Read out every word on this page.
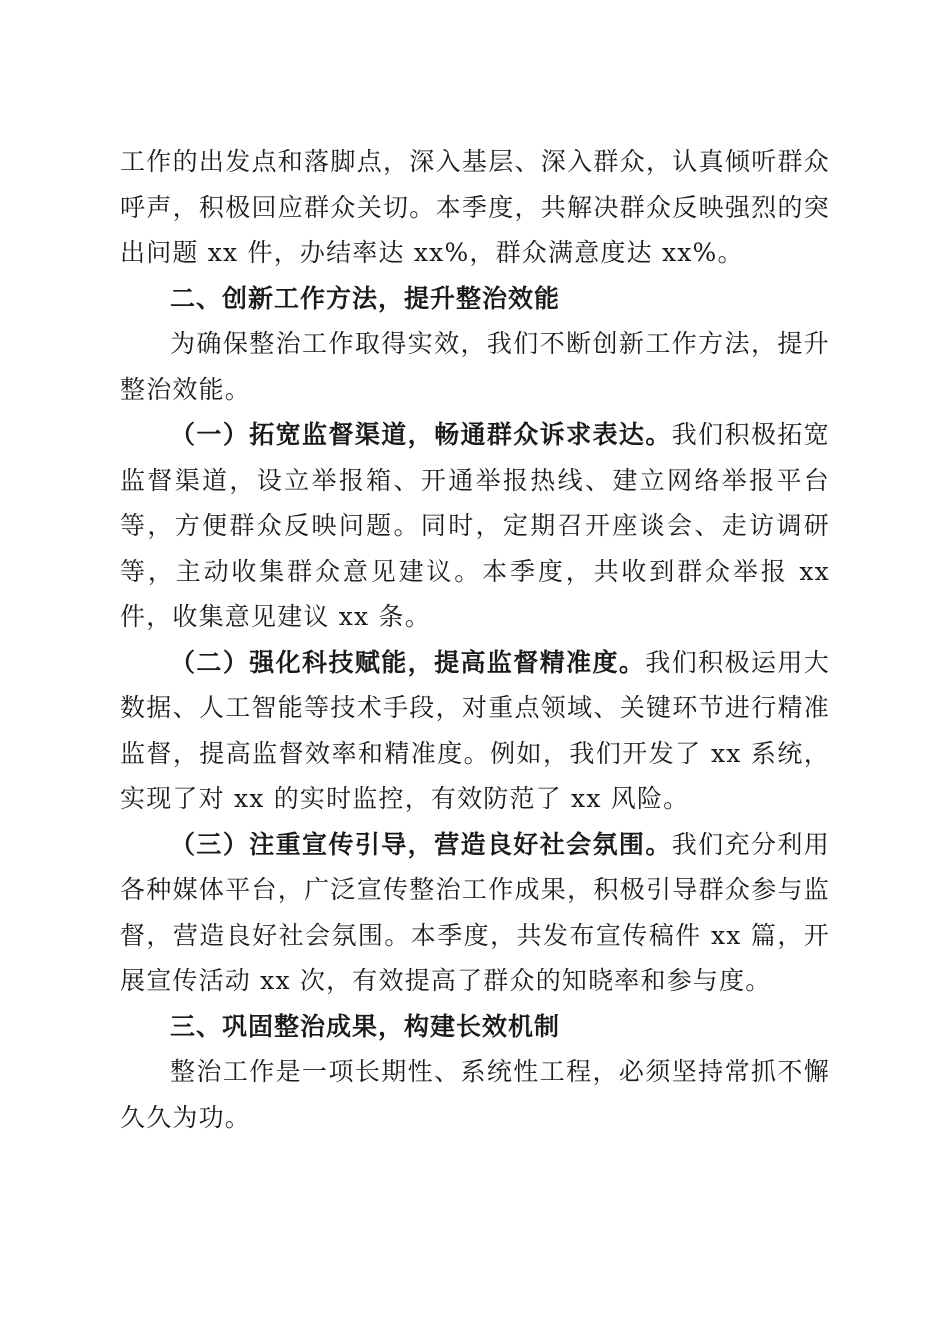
工作的出发点和落脚点，深入基层、深入群众，认真倾听群众呼声，积极回应群众关切。本季度，共解决群众反映强烈的突出问题 xx 件，办结率达 xx%，群众满意度达 xx%。

二、创新工作方法，提升整治效能

为确保整治工作取得实效，我们不断创新工作方法，提升整治效能。

（一）拓宽监督渠道，畅通群众诉求表达。我们积极拓宽监督渠道，设立举报箱、开通举报热线、建立网络举报平台等，方便群众反映问题。同时，定期召开座谈会、走访调研等，主动收集群众意见建议。本季度，共收到群众举报 xx 件，收集意见建议 xx 条。

（二）强化科技赋能，提高监督精准度。我们积极运用大数据、人工智能等技术手段，对重点领域、关键环节进行精准监督，提高监督效率和精准度。例如，我们开发了 xx 系统，实现了对 xx 的实时监控，有效防范了 xx 风险。

（三）注重宣传引导，营造良好社会氛围。我们充分利用各种媒体平台，广泛宣传整治工作成果，积极引导群众参与监督，营造良好社会氛围。本季度，共发布宣传稿件 xx 篇，开展宣传活动 xx 次，有效提高了群众的知晓率和参与度。

三、巩固整治成果，构建长效机制

整治工作是一项长期性、系统性工程，必须坚持常抓不懈久久为功。
